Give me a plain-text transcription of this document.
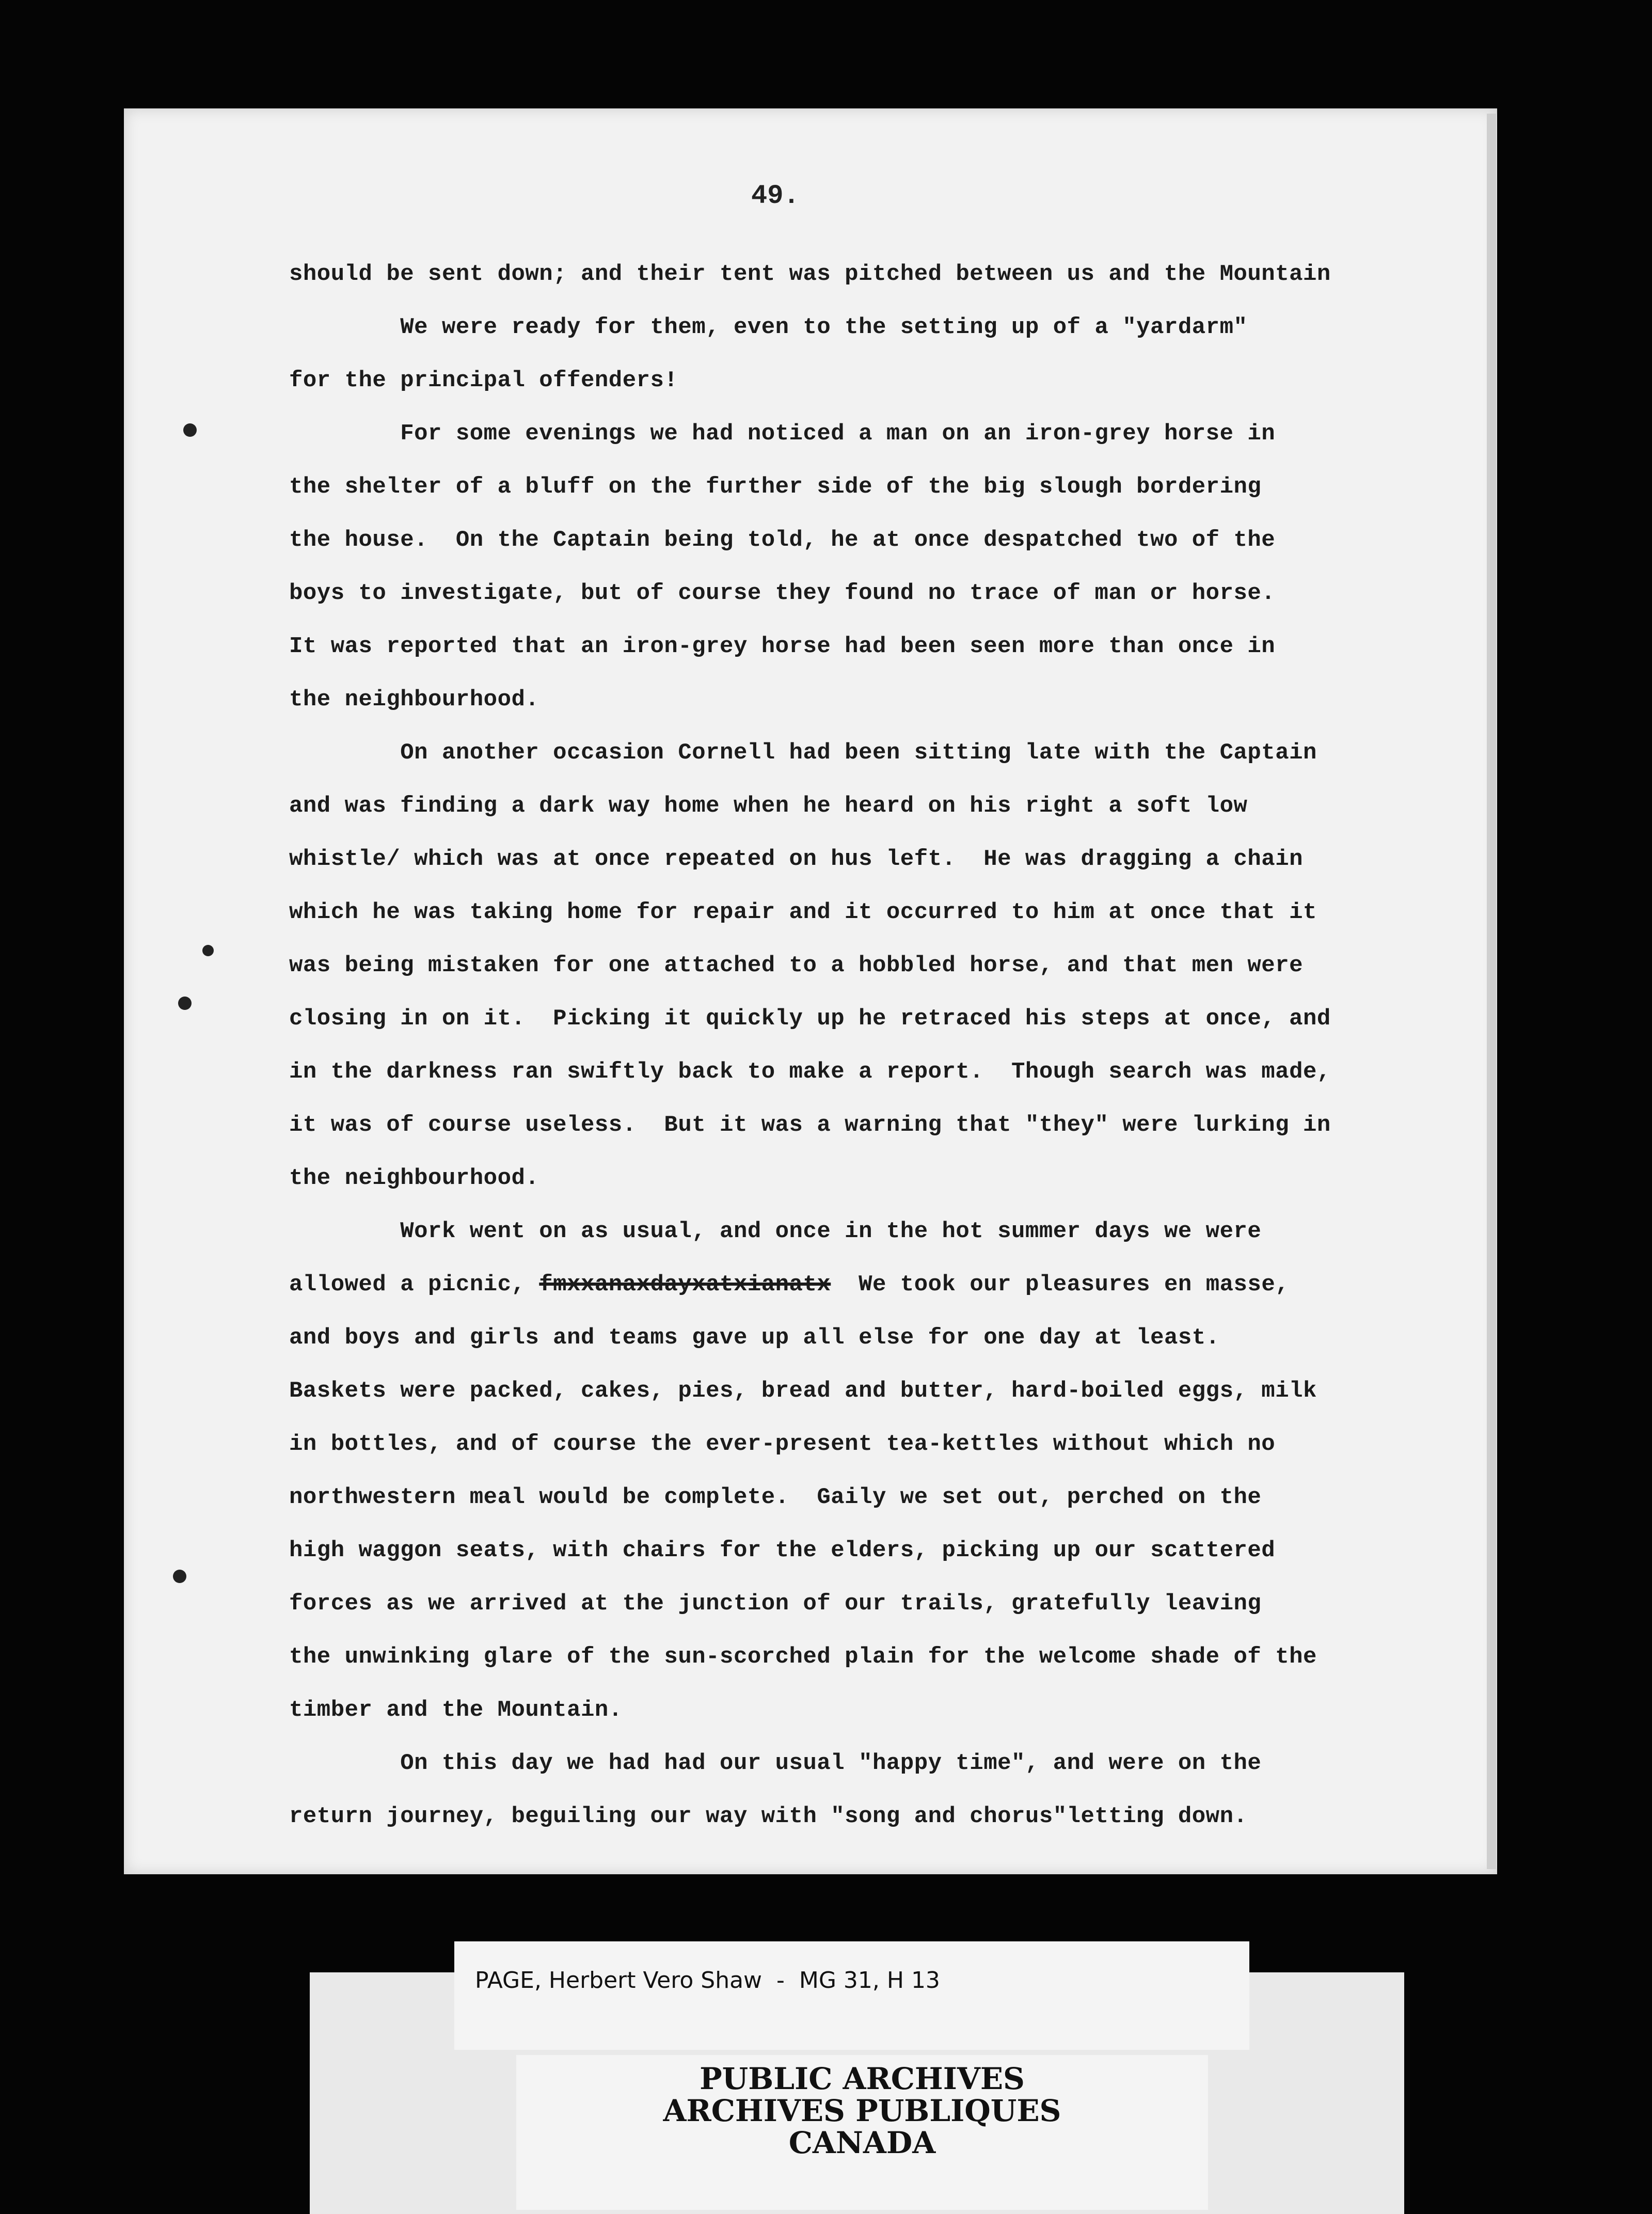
49.

should be sent down; and their tent was pitched between us and the Mountain

We were ready for them, even to the setting up of a "yardarm"

for the principal offenders!

For some evenings we had noticed a man on an iron-grey horse in

the shelter of a bluff on the further side of the big slough bordering

the house.  On the Captain being told, he at once despatched two of the

boys to investigate, but of course they found no trace of man or horse.

It was reported that an iron-grey horse had been seen more than once in

the neighbourhood.

On another occasion Cornell had been sitting late with the Captain

and was finding a dark way home when he heard on his right a soft low

whistle/ which was at once repeated on hus left.  He was dragging a chain

which he was taking home for repair and it occurred to him at once that it

was being mistaken for one attached to a hobbled horse, and that men were

closing in on it.  Picking it quickly up he retraced his steps at once, and

in the darkness ran swiftly back to make a report.  Though search was made,

it was of course useless.  But it was a warning that "they" were lurking in

the neighbourhood.

Work went on as usual, and once in the hot summer days we were

allowed a picnic, fmxxanaxdayxatxianatx We took our pleasures en masse,

and boys and girls and teams gave up all else for one day at least.

Baskets were packed, cakes, pies, bread and butter, hard-boiled eggs, milk

in bottles, and of course the ever-present tea-kettles without which no

northwestern meal would be complete.  Gaily we set out, perched on the

high waggon seats, with chairs for the elders, picking up our scattered

forces as we arrived at the junction of our trails, gratefully leaving

the unwinking glare of the sun-scorched plain for the welcome shade of the

timber and the Mountain.

On this day we had had our usual "happy time", and were on the

return journey, beguiling our way with "song and chorus"letting down.

PAGE, Herbert Vero Shaw  -  MG 31, H 13
PUBLIC ARCHIVES
ARCHIVES PUBLIQUES
CANADA
